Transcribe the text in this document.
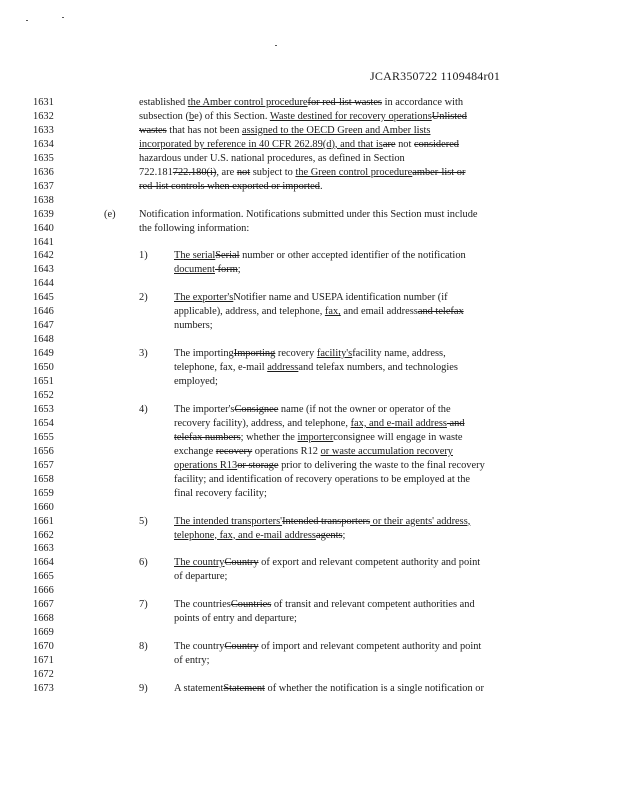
JCAR350722 1109484r01
1631	established the Amber control procedurefor red-list wastes in accordance with
1632	subsection (be) of this Section. Waste destined for recovery operationsUnlisted
1633	wastes that has not been assigned to the OECD Green and Amber lists
1634	incorporated by reference in 40 CFR 262.89(d), and that isare not considered
1635	hazardous under U.S. national procedures, as defined in Section
1636	722.181722.180(i), are not subject to the Green control procedureamber-list or
1637	red-list controls when exported or imported.
1638
1639	(e) Notification information. Notifications submitted under this Section must include
1640	the following information:
1641
1642	1)	The serialSerial number or other accepted identifier of the notification
1643	document form;
1644
1645	2)	The exporter'sNotifier name and USEPA identification number (if
1646	applicable), address, and telephone, fax, and email addressand telefax
1647	numbers;
1648
1649	3)	The importingImporting recovery facility'sfacility name, address,
1650	telephone, fax, e-mail addressand telefax numbers, and technologies
1651	employed;
1652
1653	4)	The importer'sConsignee name (if not the owner or operator of the
1654	recovery facility), address, and telephone, fax, and e-mail address and
1655	telefax numbers; whether the importerconsignee will engage in waste
1656	exchange recovery operations R12 or waste accumulation recovery
1657	operations R13or storage prior to delivering the waste to the final recovery
1658	facility; and identification of recovery operations to be employed at the
1659	final recovery facility;
1660
1661	5)	The intended transporters'Intended transporters or their agents' address,
1662	telephone, fax, and e-mail addressagents;
1663
1664	6)	The countryCountry of export and relevant competent authority and point
1665	of departure;
1666
1667	7)	The countriesCountries of transit and relevant competent authorities and
1668	points of entry and departure;
1669
1670	8)	The countryCountry of import and relevant competent authority and point
1671	of entry;
1672
1673	9)	A statementStatement of whether the notification is a single notification or
